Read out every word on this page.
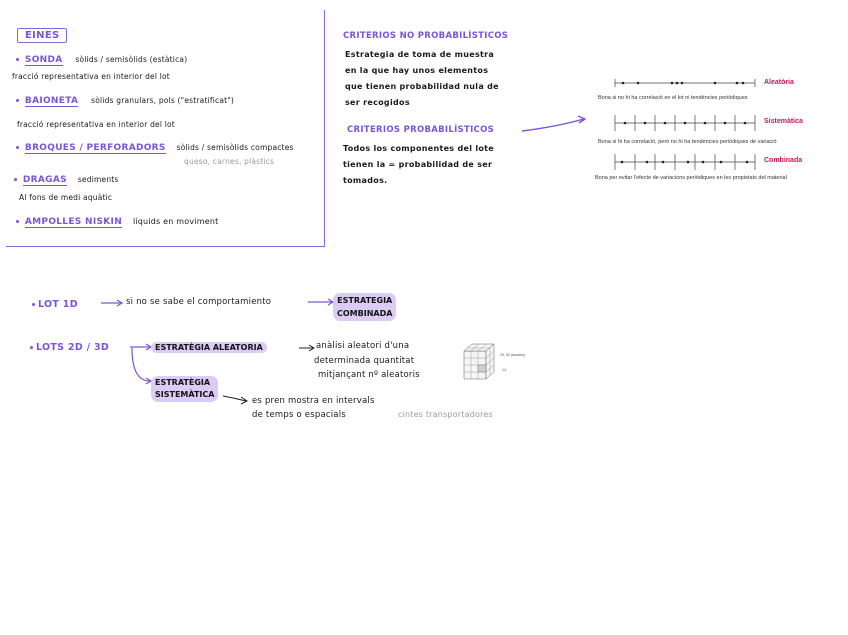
EINES
SONDA sòlids / semisòlids (estàtica)
fracció representativa en interior del lot
BAIONETA sòlids granulars, pols ("estratificat")
fracció representativa en interior del lot
BROQUES / PERFORADORS sòlids / semisòlids compactes
queso, carnes, plàstics
DRAGAS sediments
Al fons de medi aquàtic
AMPOLLES NISKIN líquids en moviment
CRITERIOS NO PROBABILÍSTICOS
Estrategia de toma de muestra
en la que hay unos elementos
que tienen probabilidad nula de
ser recogidos
CRITERIOS PROBABILÍSTICOS
Todos los componentes del lote
tienen la = probabilidad de ser
tomados.
Aleatòria
Bona si no hi ha correlació en el lot ni tendències periòdiques
Sistemàtica
Bona si hi ha correlació, però no hi ha tendències periòdiques de variació
Combinada
Bona per evitar l'efecte de variacions periòdiques en les propietats del material
LOT 1D	si no se sabe el comportamiento	ESTRATEGIA
COMBINADA
LOTS 2D / 3D	ESTRATÈGIA ALEATORIA	anàlisi aleatori d'una
determinada quantitat
mitjançant nº aleatoris
25, 30 (tamices)
14
ESTRATÈGIA
SISTEMÀTICA
es pren mostra en intervals
de temps o espacials	cintes transportadores
